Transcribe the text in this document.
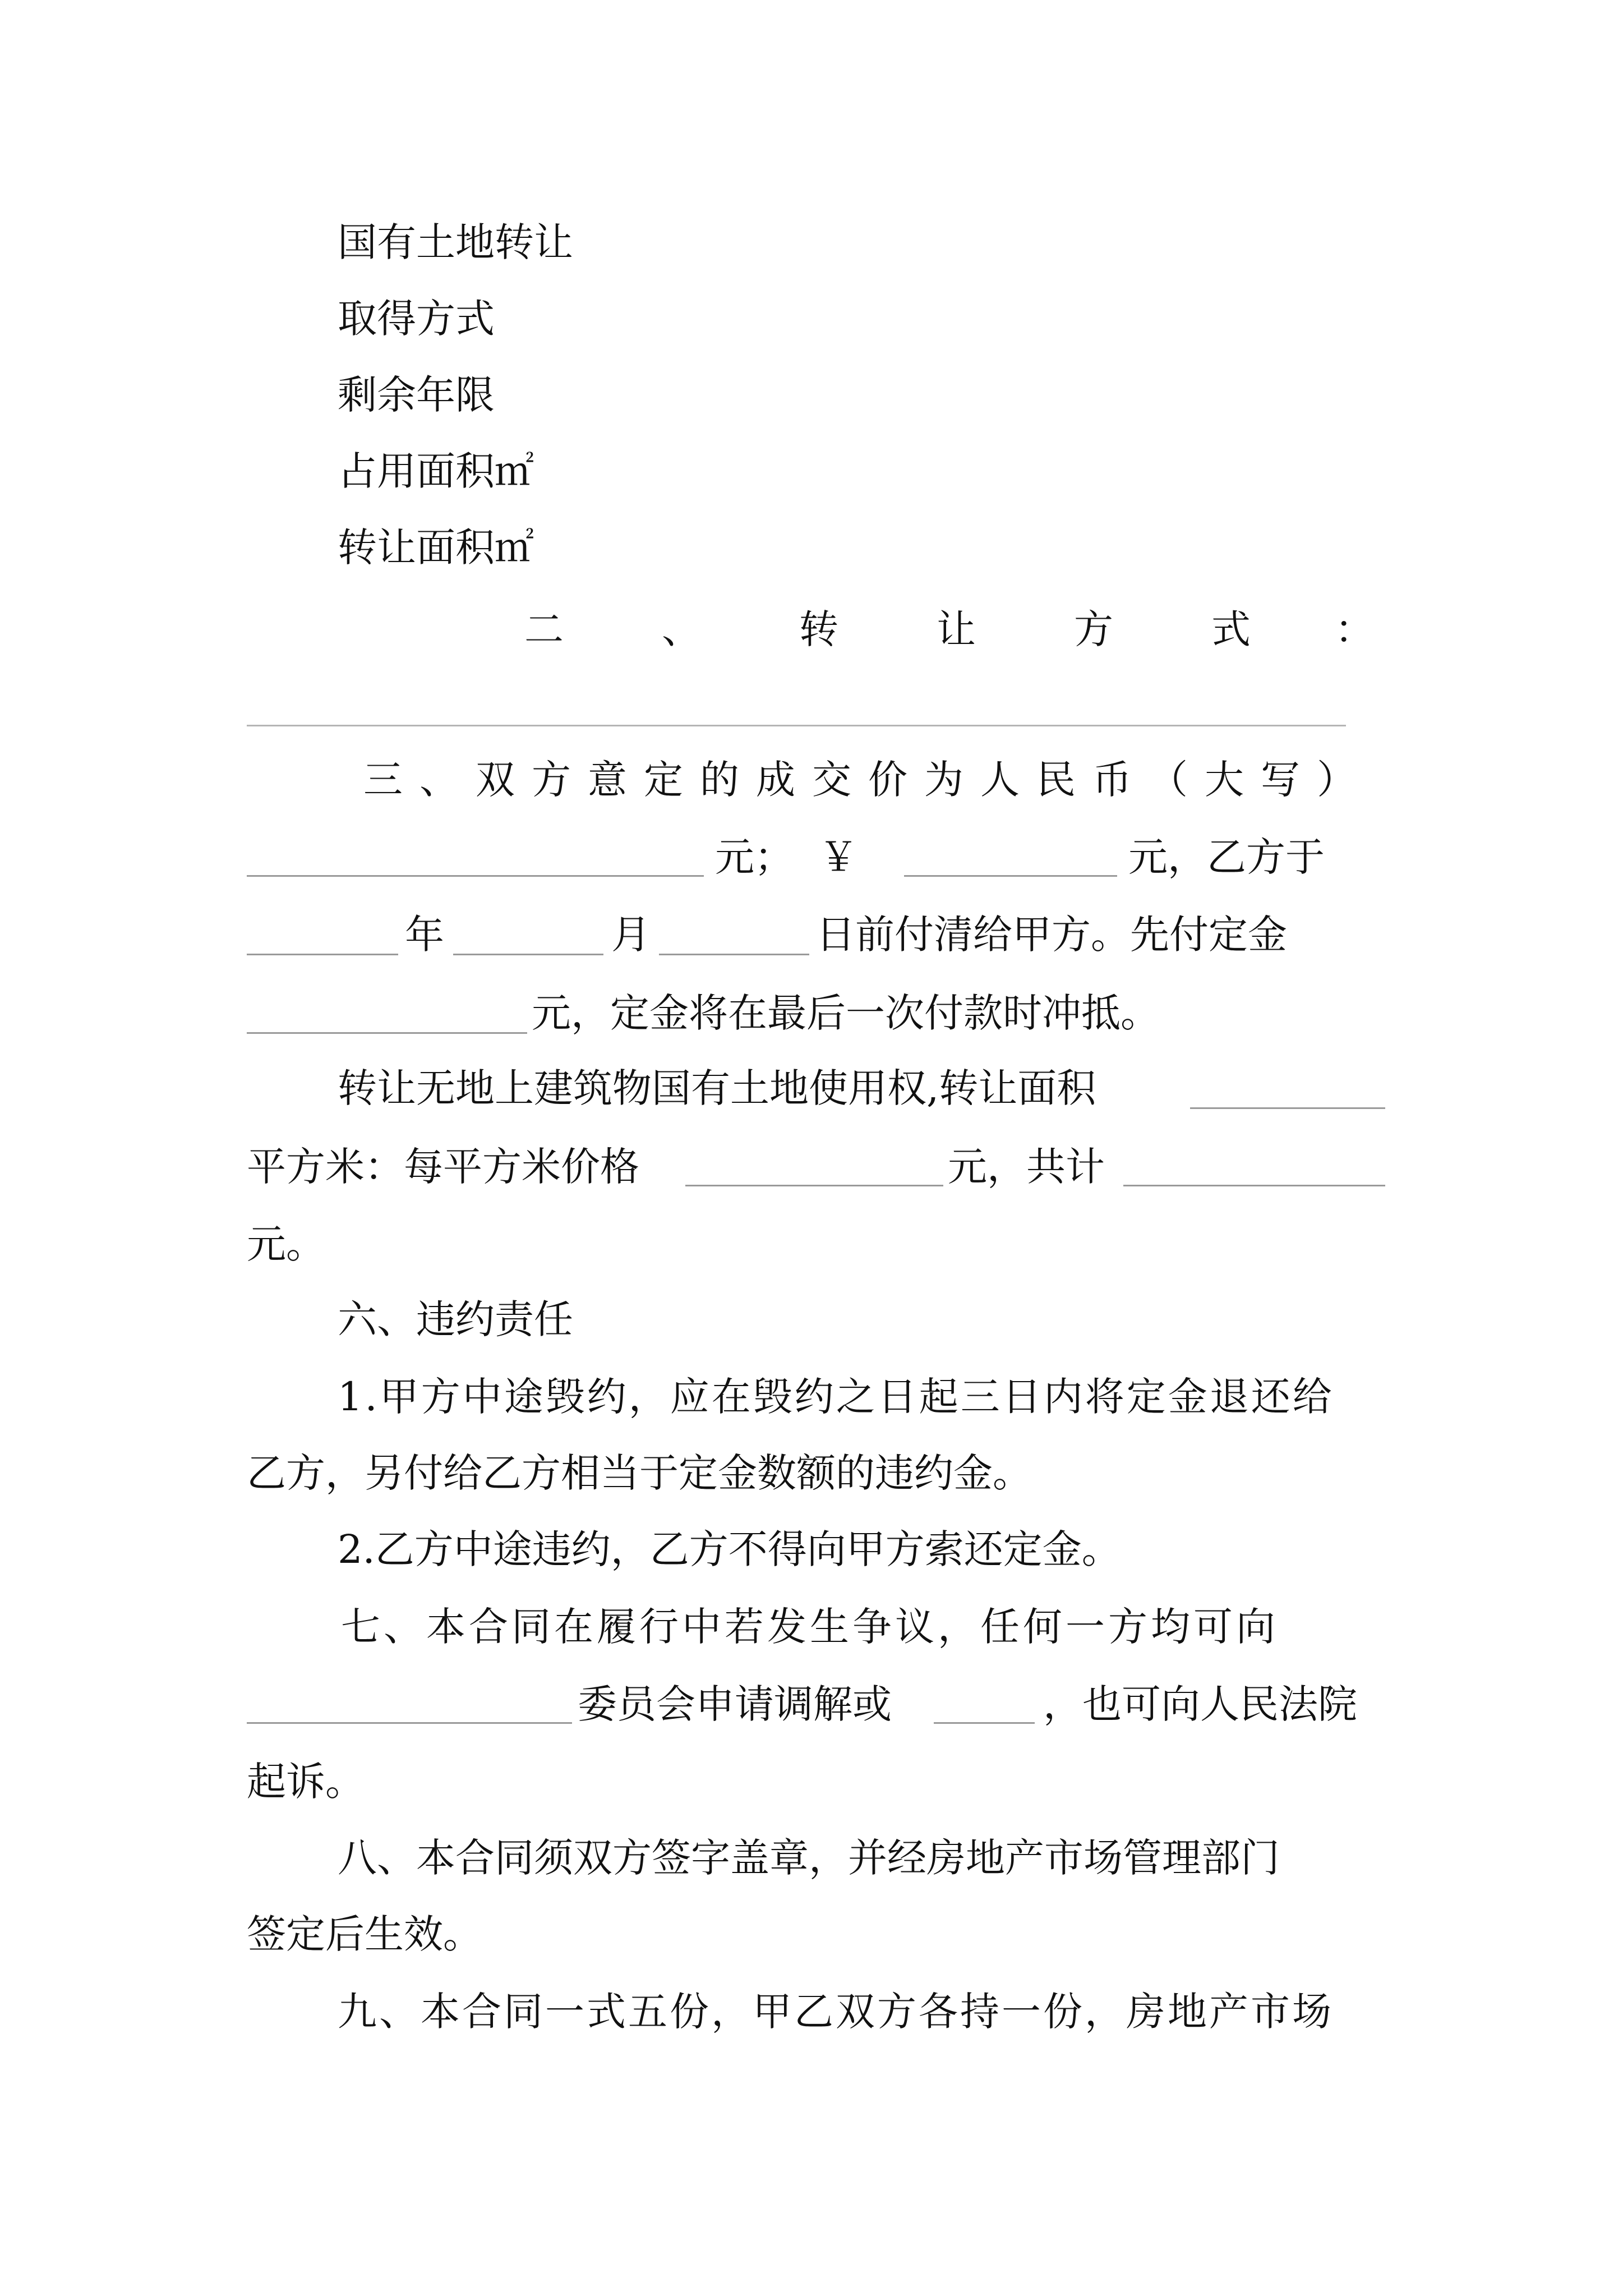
国有土地转让
取得方式
剩余年限
占用面积㎡
转让面积㎡
二	、	转	让	方	式 ：
三 、 双 方 意 定 的 成 交 价 为 人 民 币 （ 大 写 ）
元； ￥	元，乙方于
年	月	日前付清给甲方。先付定金
元，定金将在最后一次付款时冲抵。
转让无地上建筑物国有土地使用权,转让面积
平方米：每平方米价格	元，共计
元。
六、违约责任
1.甲方中途毁约，应在毁约之日起三日内将定金退还给
乙方，另付给乙方相当于定金数额的违约金。
2.乙方中途违约，乙方不得向甲方索还定金。
七、本合同在履行中若发生争议，任何一方均可向
委员会申请调解或	，也可向人民法院
起诉。
八、本合同须双方签字盖章，并经房地产市场管理部门
签定后生效。
九、本合同一式五份，甲乙双方各持一份，房地产市场
